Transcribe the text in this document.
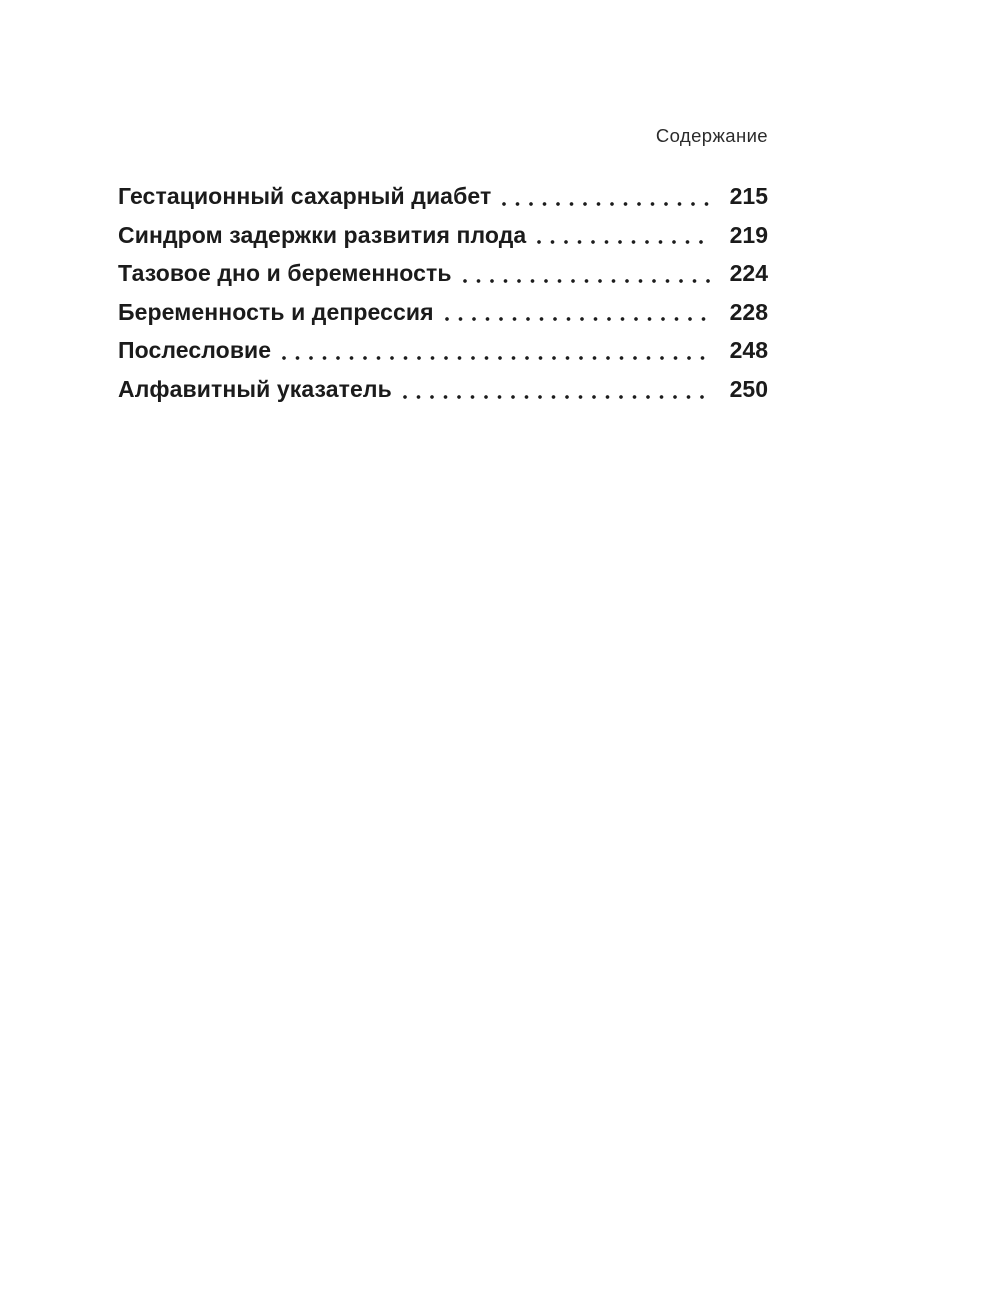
Содержание
Гестационный сахарный диабет	215
Синдром задержки развития плода	219
Тазовое дно и беременность	224
Беременность и депрессия	228
Послесловие	248
Алфавитный указатель	250
